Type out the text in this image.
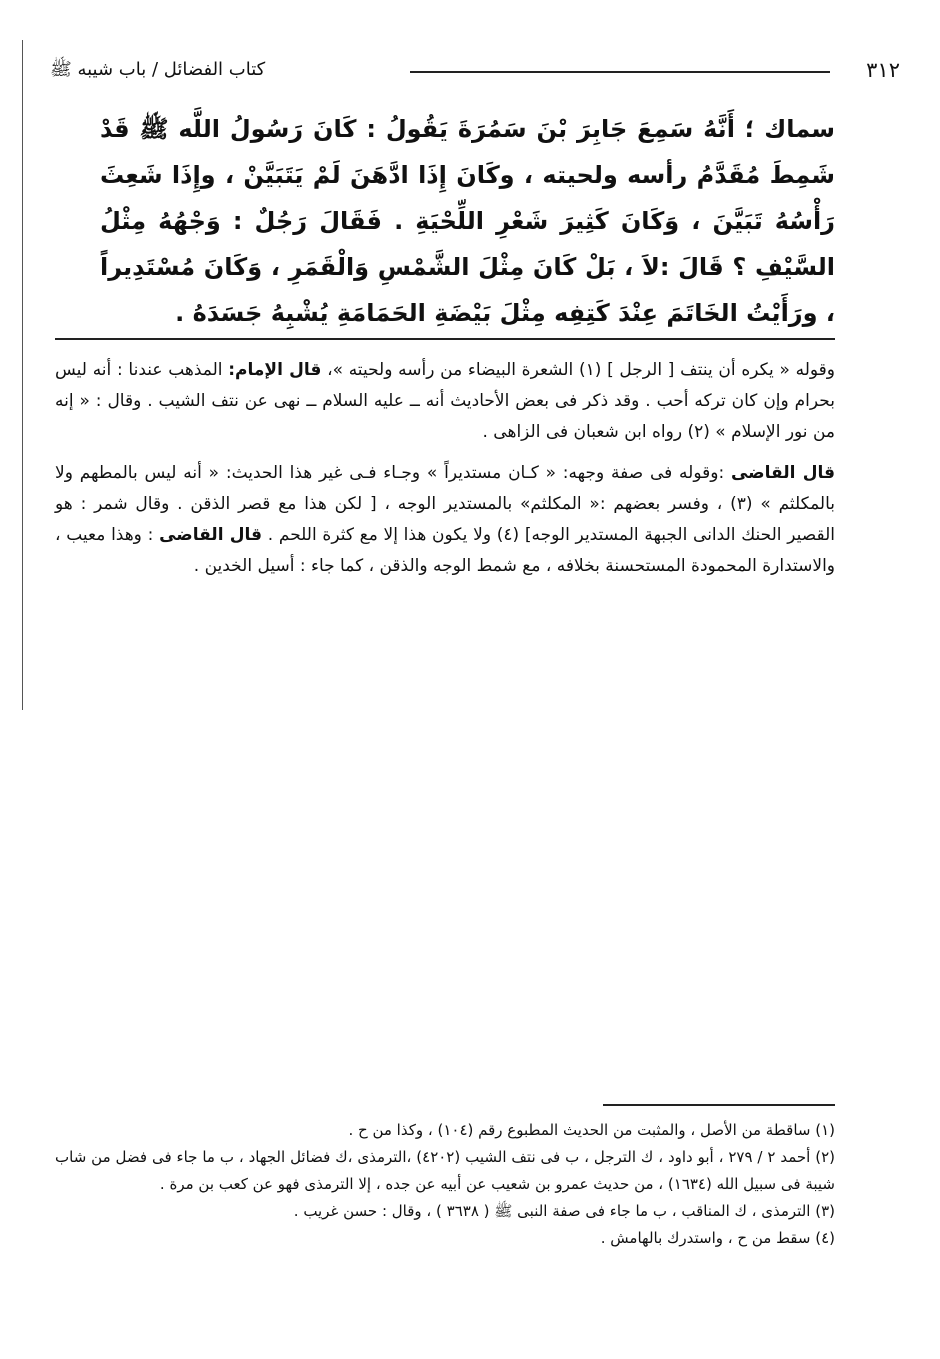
٣١٢
كتاب الفضائل / باب شيبه ﷺ

سماك ؛ أَنَّهُ سَمِعَ جَابِرَ بْنَ سَمُرَةَ يَقُولُ : كَانَ رَسُولُ اللَّه ﷺ قَدْ شَمِطَ مُقَدَّمُ رأسه ولحيته ، وكَانَ إِذَا ادَّهَنَ لَمْ يَتَبَيَّنْ ، وإِذَا شَعِثَ رَأْسُهُ تَبَيَّنَ ، وَكَانَ كَثِيرَ شَعْرِ اللِّحْيَةِ . فَقَالَ رَجُلٌ : وَجْهُهُ مِثْلُ السَّيْفِ ؟ قَالَ :لاَ ، بَلْ كَانَ مِثْلَ الشَّمْسِ وَالْقَمَرِ ، وَكَانَ مُسْتَدِيراً ، ورَأَيْتُ الخَاتَمَ عِنْدَ كَتِفِه مِثْلَ بَيْضَةِ الحَمَامَةِ يُشْبِهُ جَسَدَهُ .

وقوله « يكره أن ينتف [ الرجل ] (١) الشعرة البيضاء من رأسه ولحيته »، قال الإمام: المذهب عندنا : أنه ليس بحرام وإن كان تركه أحب . وقد ذكر فى بعض الأحاديث أنه ــ عليه السلام ــ نهى عن نتف الشيب . وقال : « إنه من نور الإسلام » (٢) رواه ابن شعبان فى الزاهى .

قال القاضى :وقوله فى صفة وجهه: « كـان مستديراً » وجـاء فـى غير هذا الحديث: « أنه ليس بالمطهم ولا بالمكلثم » (٣) ، وفسر بعضهم :« المكلثم» بالمستدير الوجه ، [ لكن هذا مع قصر الذقن . وقال شمر : هو القصير الحنك الدانى الجبهة المستدير الوجه] (٤) ولا يكون هذا إلا مع كثرة اللحم . قال القاضى : وهذا معيب ، والاستدارة المحمودة المستحسنة بخلافه ، مع شمط الوجه والذقن ، كما جاء : أسيل الخدين .

(١) ساقطة من الأصل ، والمثبت من الحديث المطبوع رقم (١٠٤) ، وكذا من ح .

(٢) أحمد ٢ / ٢٧٩ ، أبو داود ، ك الترجل ، ب فى نتف الشيب (٤٢٠٢) ،الترمذى ،ك فضائل الجهاد ، ب ما جاء فى فضل من شاب شيبة فى سبيل الله (١٦٣٤) ، من حديث عمرو بن شعيب عن أبيه عن جده ، إلا الترمذى فهو عن كعب بن مرة .

(٣) الترمذى ، ك المناقب ، ب ما جاء فى صفة النبى ﷺ ( ٣٦٣٨ ) ، وقال : حسن غريب .

(٤) سقط من ح ، واستدرك بالهامش .
